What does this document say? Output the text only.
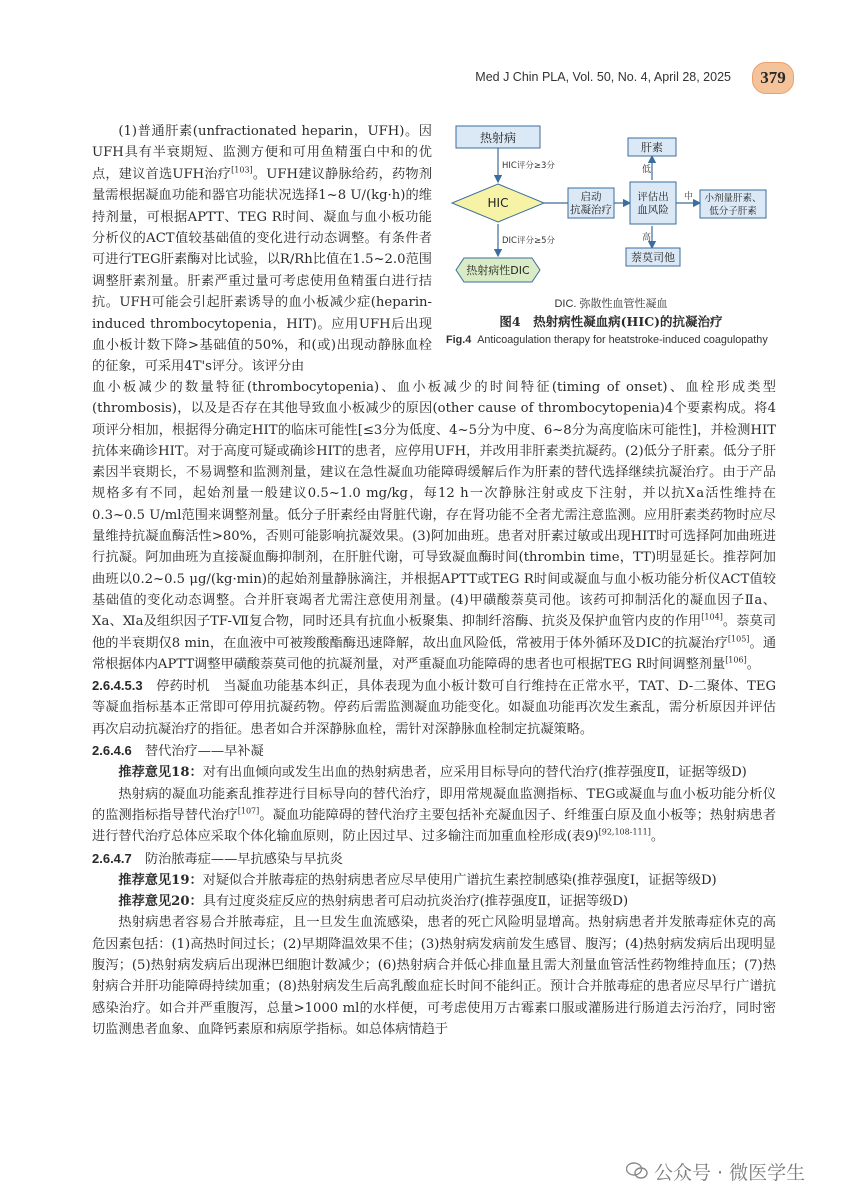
Med J Chin PLA, Vol. 50, No. 4, April 28, 2025	379

(1)普通肝素(unfractionated heparin，UFH)。因UFH具有半衰期短、监测方便和可用鱼精蛋白中和的优点，建议首选UFH治疗[103]。UFH建议静脉给药，药物剂量需根据凝血功能和器官功能状况选择1~8 U/(kg·h)的维持剂量，可根据APTT、TEG R时间、凝血与血小板功能分析仪的ACT值较基础值的变化进行动态调整。有条件者可进行TEG肝素酶对比试验，以R/Rh比值在1.5~2.0范围调整肝素剂量。肝素严重过量可考虑使用鱼精蛋白进行拮抗。UFH可能会引起肝素诱导的血小板减少症(heparin-induced thrombocytopenia，HIT)。应用UFH后出现血小板计数下降>基础值的50%，和(或)出现动静脉血栓的征象，可采用4T's评分。该评分由

热射病
HIC
热射病性DIC
HIC评分≥3分
DIC评分≥5分
启动
抗凝治疗
评估出
血风险
低
中
高
肝素
小剂量肝素、
低分子肝素
萘莫司他
DIC. 弥散性血管性凝血
图4　热射病性凝血病(HIC)的抗凝治疗
Fig.4 Anticoagulation therapy for heatstroke-induced coagulopathy

血小板减少的数量特征(thrombocytopenia)、血小板减少的时间特征(timing of onset)、血栓形成类型(thrombosis)，以及是否存在其他导致血小板减少的原因(other cause of thrombocytopenia)4个要素构成。将4项评分相加，根据得分确定HIT的临床可能性[≤3分为低度、4~5分为中度、6~8分为高度临床可能性]，并检测HIT抗体来确诊HIT。对于高度可疑或确诊HIT的患者，应停用UFH，并改用非肝素类抗凝药。(2)低分子肝素。低分子肝素因半衰期长，不易调整和监测剂量，建议在急性凝血功能障碍缓解后作为肝素的替代选择继续抗凝治疗。由于产品规格多有不同，起始剂量一般建议0.5~1.0 mg/kg，每12 h一次静脉注射或皮下注射，并以抗Ⅹa活性维持在0.3~0.5 U/ml范围来调整剂量。低分子肝素经由肾脏代谢，存在肾功能不全者尤需注意监测。应用肝素类药物时应尽量维持抗凝血酶活性>80%，否则可能影响抗凝效果。(3)阿加曲班。患者对肝素过敏或出现HIT时可选择阿加曲班进行抗凝。阿加曲班为直接凝血酶抑制剂，在肝脏代谢，可导致凝血酶时间(thrombin time，TT)明显延长。推荐阿加曲班以0.2~0.5 μg/(kg·min)的起始剂量静脉滴注，并根据APTT或TEG R时间或凝血与血小板功能分析仪ACT值较基础值的变化动态调整。合并肝衰竭者尤需注意使用剂量。(4)甲磺酸萘莫司他。该药可抑制活化的凝血因子Ⅱa、Ⅹa、Ⅺa及组织因子TF-Ⅶ复合物，同时还具有抗血小板聚集、抑制纤溶酶、抗炎及保护血管内皮的作用[104]。萘莫司他的半衰期仅8 min，在血液中可被羧酸酯酶迅速降解，故出血风险低，常被用于体外循环及DIC的抗凝治疗[105]。通常根据体内APTT调整甲磺酸萘莫司他的抗凝剂量，对严重凝血功能障碍的患者也可根据TEG R时间调整剂量[106]。

2.6.4.5.3　 停药时机　当凝血功能基本纠正，具体表现为血小板计数可自行维持在正常水平，TAT、D-二聚体、TEG等凝血指标基本正常即可停用抗凝药物。停药后需监测凝血功能变化。如凝血功能再次发生紊乱，需分析原因并评估再次启动抗凝治疗的指征。患者如合并深静脉血栓，需针对深静脉血栓制定抗凝策略。

2.6.4.6　 替代治疗——早补凝

推荐意见18：对有出血倾向或发生出血的热射病患者，应采用目标导向的替代治疗(推荐强度Ⅱ，证据等级D)

热射病的凝血功能紊乱推荐进行目标导向的替代治疗，即用常规凝血监测指标、TEG或凝血与血小板功能分析仪的监测指标指导替代治疗[107]。凝血功能障碍的替代治疗主要包括补充凝血因子、纤维蛋白原及血小板等；热射病患者进行替代治疗总体应采取个体化输血原则，防止因过早、过多输注而加重血栓形成(表9)[92,108-111]。

2.6.4.7　 防治脓毒症——早抗感染与早抗炎

推荐意见19：对疑似合并脓毒症的热射病患者应尽早使用广谱抗生素控制感染(推荐强度Ⅰ，证据等级D)

推荐意见20：具有过度炎症反应的热射病患者可启动抗炎治疗(推荐强度Ⅱ，证据等级D)

热射病患者容易合并脓毒症，且一旦发生血流感染，患者的死亡风险明显增高。热射病患者并发脓毒症休克的高危因素包括：(1)高热时间过长；(2)早期降温效果不佳；(3)热射病发病前发生感冒、腹泻；(4)热射病发病后出现明显腹泻；(5)热射病发病后出现淋巴细胞计数减少；(6)热射病合并低心排血量且需大剂量血管活性药物维持血压；(7)热射病合并肝功能障碍持续加重；(8)热射病发生后高乳酸血症长时间不能纠正。预计合并脓毒症的患者应尽早行广谱抗感染治疗。如合并严重腹泻，总量>1000 ml的水样便，可考虑使用万古霉素口服或灌肠进行肠道去污治疗，同时密切监测患者血象、血降钙素原和病原学指标。如总体病情趋于

公众号 · 微医学生
